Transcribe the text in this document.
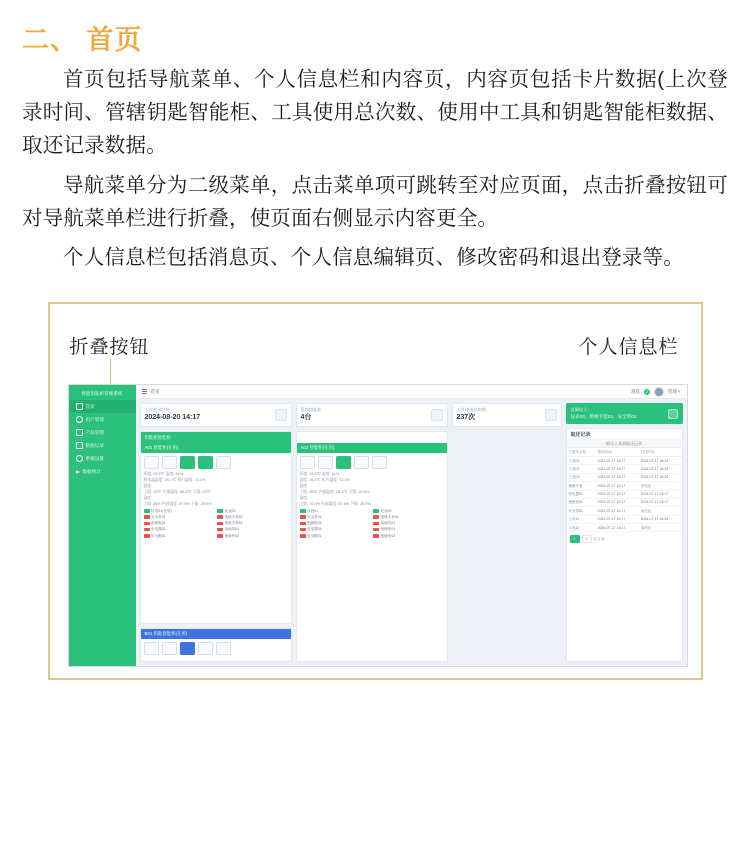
二、 首页

首页包括导航菜单、个人信息栏和内容页，内容页包括卡片数据(上次登录时间、管辖钥匙智能柜、工具使用总次数、使用中工具和钥匙智能柜数据、取还记录数据。

导航菜单分为二级菜单，点击菜单项可跳转至对应页面，点击折叠按钮可对导航菜单栏进行折叠，使页面右侧显示内容更全。

个人信息栏包括消息页、个人信息编辑页、修改密码和退出登录等。

折叠按钮	个人信息栏
智能钥匙柜管理系统
首页
用户管理
产品管理
数据记录
系统设置
数据统计
首页	消息	2	管理 ˅
上次登录时间
2024-08-20 14:17
钥匙柜智能柜
A01 智能柜(在用)
环境: 26.5℃ 湿度: 61%
柜体温湿度: 25.1℃ 柜内湿度: 72.1%
温度:
上限: 35℃ 内部温度: 65.5℃ 下限: 20℃
湿度:
上限: 85% 内部湿度: 57.6% 下限: 25.0%
仪表01(在用)	仪表02
安全带01	绝缘手套01
绝缘鞋01	绝缘手套02
验电器01	接地线01
安全帽01	绝缘垫02
B01 钥匙智能柜(在用)
管辖钥匙柜
4台
A02 智能柜(在用)
环境: 26.5℃ 湿度: 61%
温度: 25.1℃ 柜内湿度: 72.1%
温度:
上限: 35℃ 内部温度: 25.4℃ 下限: 20.5%
湿度:
上限: 70.0% 内部湿度: 57.6% 下限: 25.0%
仪表01	仪表02
安全带01	绝缘手套01
绝缘鞋01	接地线01
验电器01	绝缘垫01
安全帽01	绝缘垫02
工具使用总次数
237次
温馨提示！
仪表03，绝缘手套02，安全带01
取还记录
低压工具借取还记录
工器具名称	领取时间	归还时间
工具01	2024-07-17 14:17	2024-07-17 16:33
工具02	2024-07-17 14:17	2024-07-17 16:33
工具03	2024-07-17 14:17	2024-07-17 16:33
绝缘手套	2024-07-17 14:17	未归还
验电器01	2024-07-17 14:17	2024-07-17 14:17
绝缘垫01	2024-07-17 14:17	2024-07-17 14:17
安全带01	2024-07-17 14:17	未归还
工具11	2024-07-17 14:17	2024-07-17 16:33
工具12	2024-07-17 14:17	未归还
1	2	共 2 页
